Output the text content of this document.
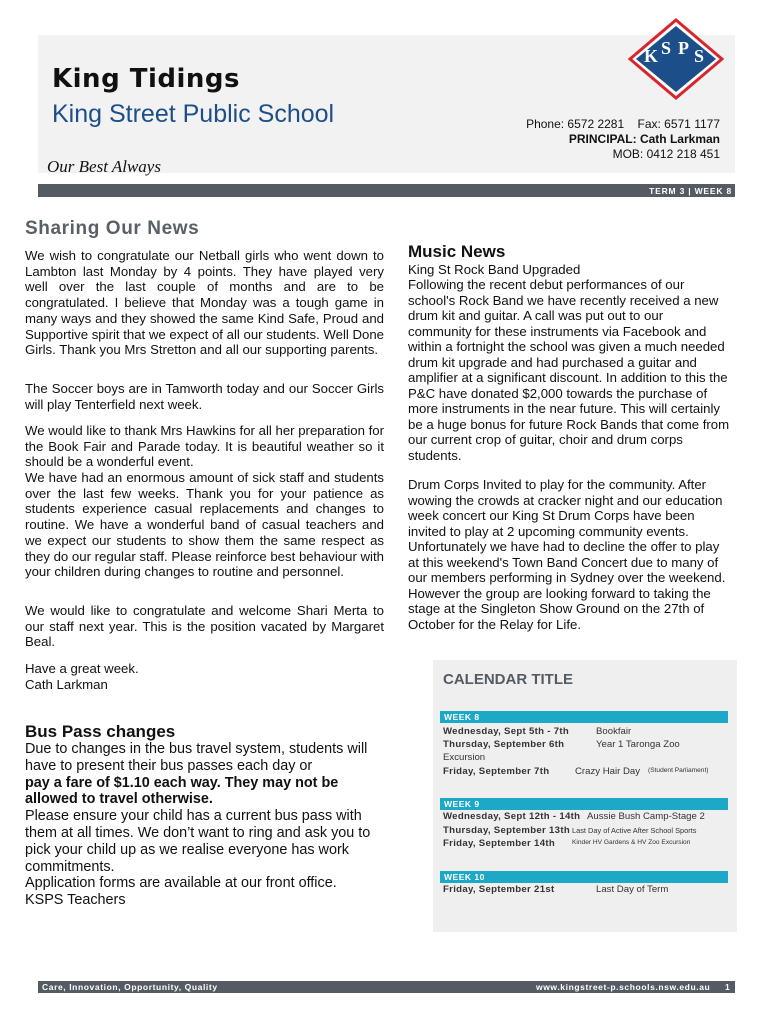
K S P S
King Tidings
King Street Public School
Our Best Always
Phone: 6572 2281    Fax: 6571 1177
PRINCIPAL: Cath Larkman
MOB: 0412 218 451
TERM 3 | WEEK 8
Sharing Our News

We wish to congratulate our Netball girls who went down to Lambton last Monday by 4 points. They have played very well over the last couple of months and are to be congratulated. I believe that Monday was a tough game in many ways and they showed the same Kind Safe, Proud and Supportive spirit that we expect of all our students. Well Done Girls. Thank you Mrs Stretton and all our supporting parents.

The Soccer boys are in Tamworth today and our Soccer Girls will play Tenterfield next week.

We would like to thank Mrs Hawkins for all her preparation for the Book Fair and Parade today. It is beautiful weather so it should be a wonderful event.

We have had an enormous amount of sick staff and students over the last few weeks. Thank you for your patience as students experience casual replacements and changes to routine. We have a wonderful band of casual teachers and we expect our students to show them the same respect as they do our regular staff. Please reinforce best behaviour with your children during changes to routine and personnel.

We would like to congratulate and welcome Shari Merta to our staff next year. This is the position vacated by Margaret Beal.

Have a great week.

Cath Larkman

Bus Pass changes

Due to changes in the bus travel system, students will have to present their bus passes each day or

pay a fare of $1.10 each way. They may not be allowed to travel otherwise.

Please ensure your child has a current bus pass with them at all times. We don’t want to ring and ask you to pick your child up as we realise everyone has work commitments.

Application forms are available at our front office.

KSPS Teachers

Music News

King St Rock Band Upgraded

Following the recent debut performances of our school's Rock Band we have recently received a new drum kit and guitar. A call was put out to our community for these instruments via Facebook and within a fortnight the school was given a much needed drum kit upgrade and had purchased a guitar and amplifier at a significant discount. In addition to this the P&C have donated $2,000 towards the purchase of more instruments in the near future. This will certainly be a huge bonus for future Rock Bands that come from our current crop of guitar, choir and drum corps students.

Drum Corps Invited to play for the community. After wowing the crowds at cracker night and our education week concert our King St Drum Corps have been invited to play at 2 upcoming community events. Unfortunately we have had to decline the offer to play at this weekend's Town Band Concert due to many of our members performing in Sydney over the weekend. However the group are looking forward to taking the stage at the Singleton Show Ground on the 27th of October for the Relay for Life.

CALENDAR TITLE
WEEK 8
Wednesday, Sept 5th - 7th	Bookfair
Thursday, September 6th	Year 1 Taronga Zoo
Excursion
Friday, September 7th	Crazy Hair Day (Student Parliament)
WEEK 9
Wednesday, Sept 12th - 14th Aussie Bush Camp-Stage 2
Thursday, September 13th Last Day of Active After School Sports
Friday, September 14th	Kinder HV Gardens & HV Zoo Excursion
WEEK 10
Friday, September 21st	Last Day of Term
Care, Innovation, Opportunity, Quality	www.kingstreet-p.schools.nsw.edu.au 1
